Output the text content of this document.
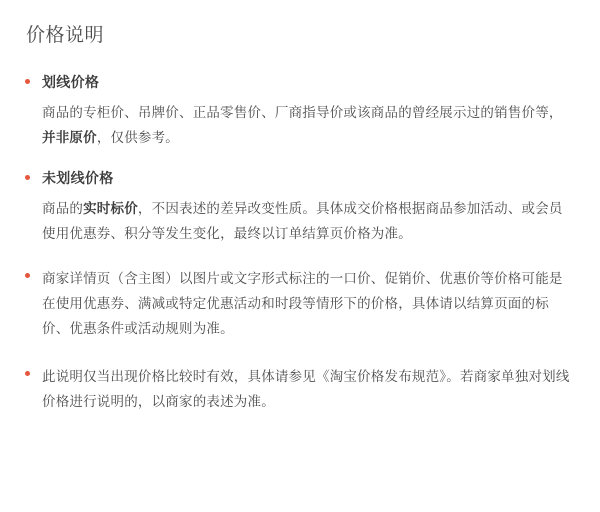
价格说明

划线价格

商品的专柜价、吊牌价、正品零售价、厂商指导价或该商品的曾经展示过的销售价等，并非原价，仅供参考。

未划线价格

商品的实时标价，不因表述的差异改变性质。具体成交价格根据商品参加活动、或会员使用优惠券、积分等发生变化，最终以订单结算页价格为准。

商家详情页（含主图）以图片或文字形式标注的一口价、促销价、优惠价等价格可能是在使用优惠券、满减或特定优惠活动和时段等情形下的价格，具体请以结算页面的标价、优惠条件或活动规则为准。

此说明仅当出现价格比较时有效，具体请参见《淘宝价格发布规范》。若商家单独对划线价格进行说明的，以商家的表述为准。
